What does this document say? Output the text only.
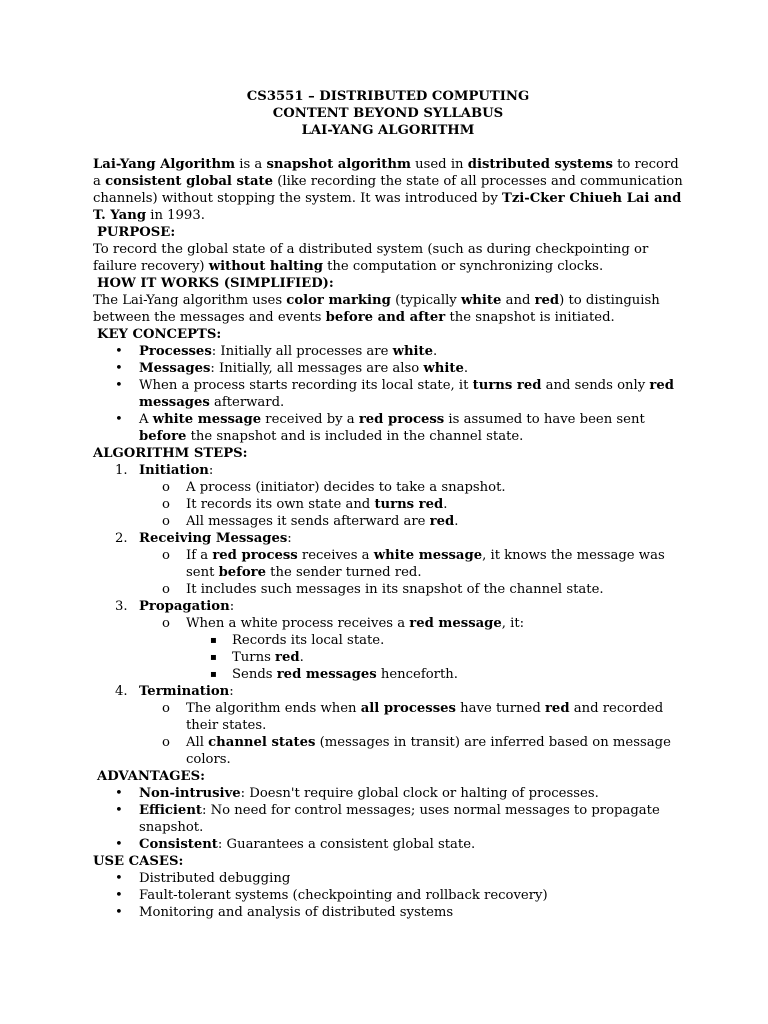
CS3551 – DISTRIBUTED COMPUTING
CONTENT BEYOND SYLLABUS
LAI-YANG ALGORITHM
Lai-Yang Algorithm is a snapshot algorithm used in distributed systems to record a consistent global state (like recording the state of all processes and communication channels) without stopping the system. It was introduced by Tzi-Cker Chiueh Lai and T. Yang in 1993.
PURPOSE:
To record the global state of a distributed system (such as during checkpointing or failure recovery) without halting the computation or synchronizing clocks.
HOW IT WORKS (SIMPLIFIED):
The Lai-Yang algorithm uses color marking (typically white and red) to distinguish between the messages and events before and after the snapshot is initiated.
KEY CONCEPTS:
• Processes: Initially all processes are white.
• Messages: Initially, all messages are also white.
• When a process starts recording its local state, it turns red and sends only red messages afterward.
• A white message received by a red process is assumed to have been sent before the snapshot and is included in the channel state.
ALGORITHM STEPS:
1. Initiation:
o A process (initiator) decides to take a snapshot.
o It records its own state and turns red.
o All messages it sends afterward are red.
2. Receiving Messages:
o If a red process receives a white message, it knows the message was sent before the sender turned red.
o It includes such messages in its snapshot of the channel state.
3. Propagation:
o When a white process receives a red message, it:
▪ Records its local state.
▪ Turns red.
▪ Sends red messages henceforth.
4. Termination:
o The algorithm ends when all processes have turned red and recorded their states.
o All channel states (messages in transit) are inferred based on message colors.
ADVANTAGES:
• Non-intrusive: Doesn't require global clock or halting of processes.
• Efficient: No need for control messages; uses normal messages to propagate snapshot.
• Consistent: Guarantees a consistent global state.
USE CASES:
• Distributed debugging
• Fault-tolerant systems (checkpointing and rollback recovery)
• Monitoring and analysis of distributed systems
